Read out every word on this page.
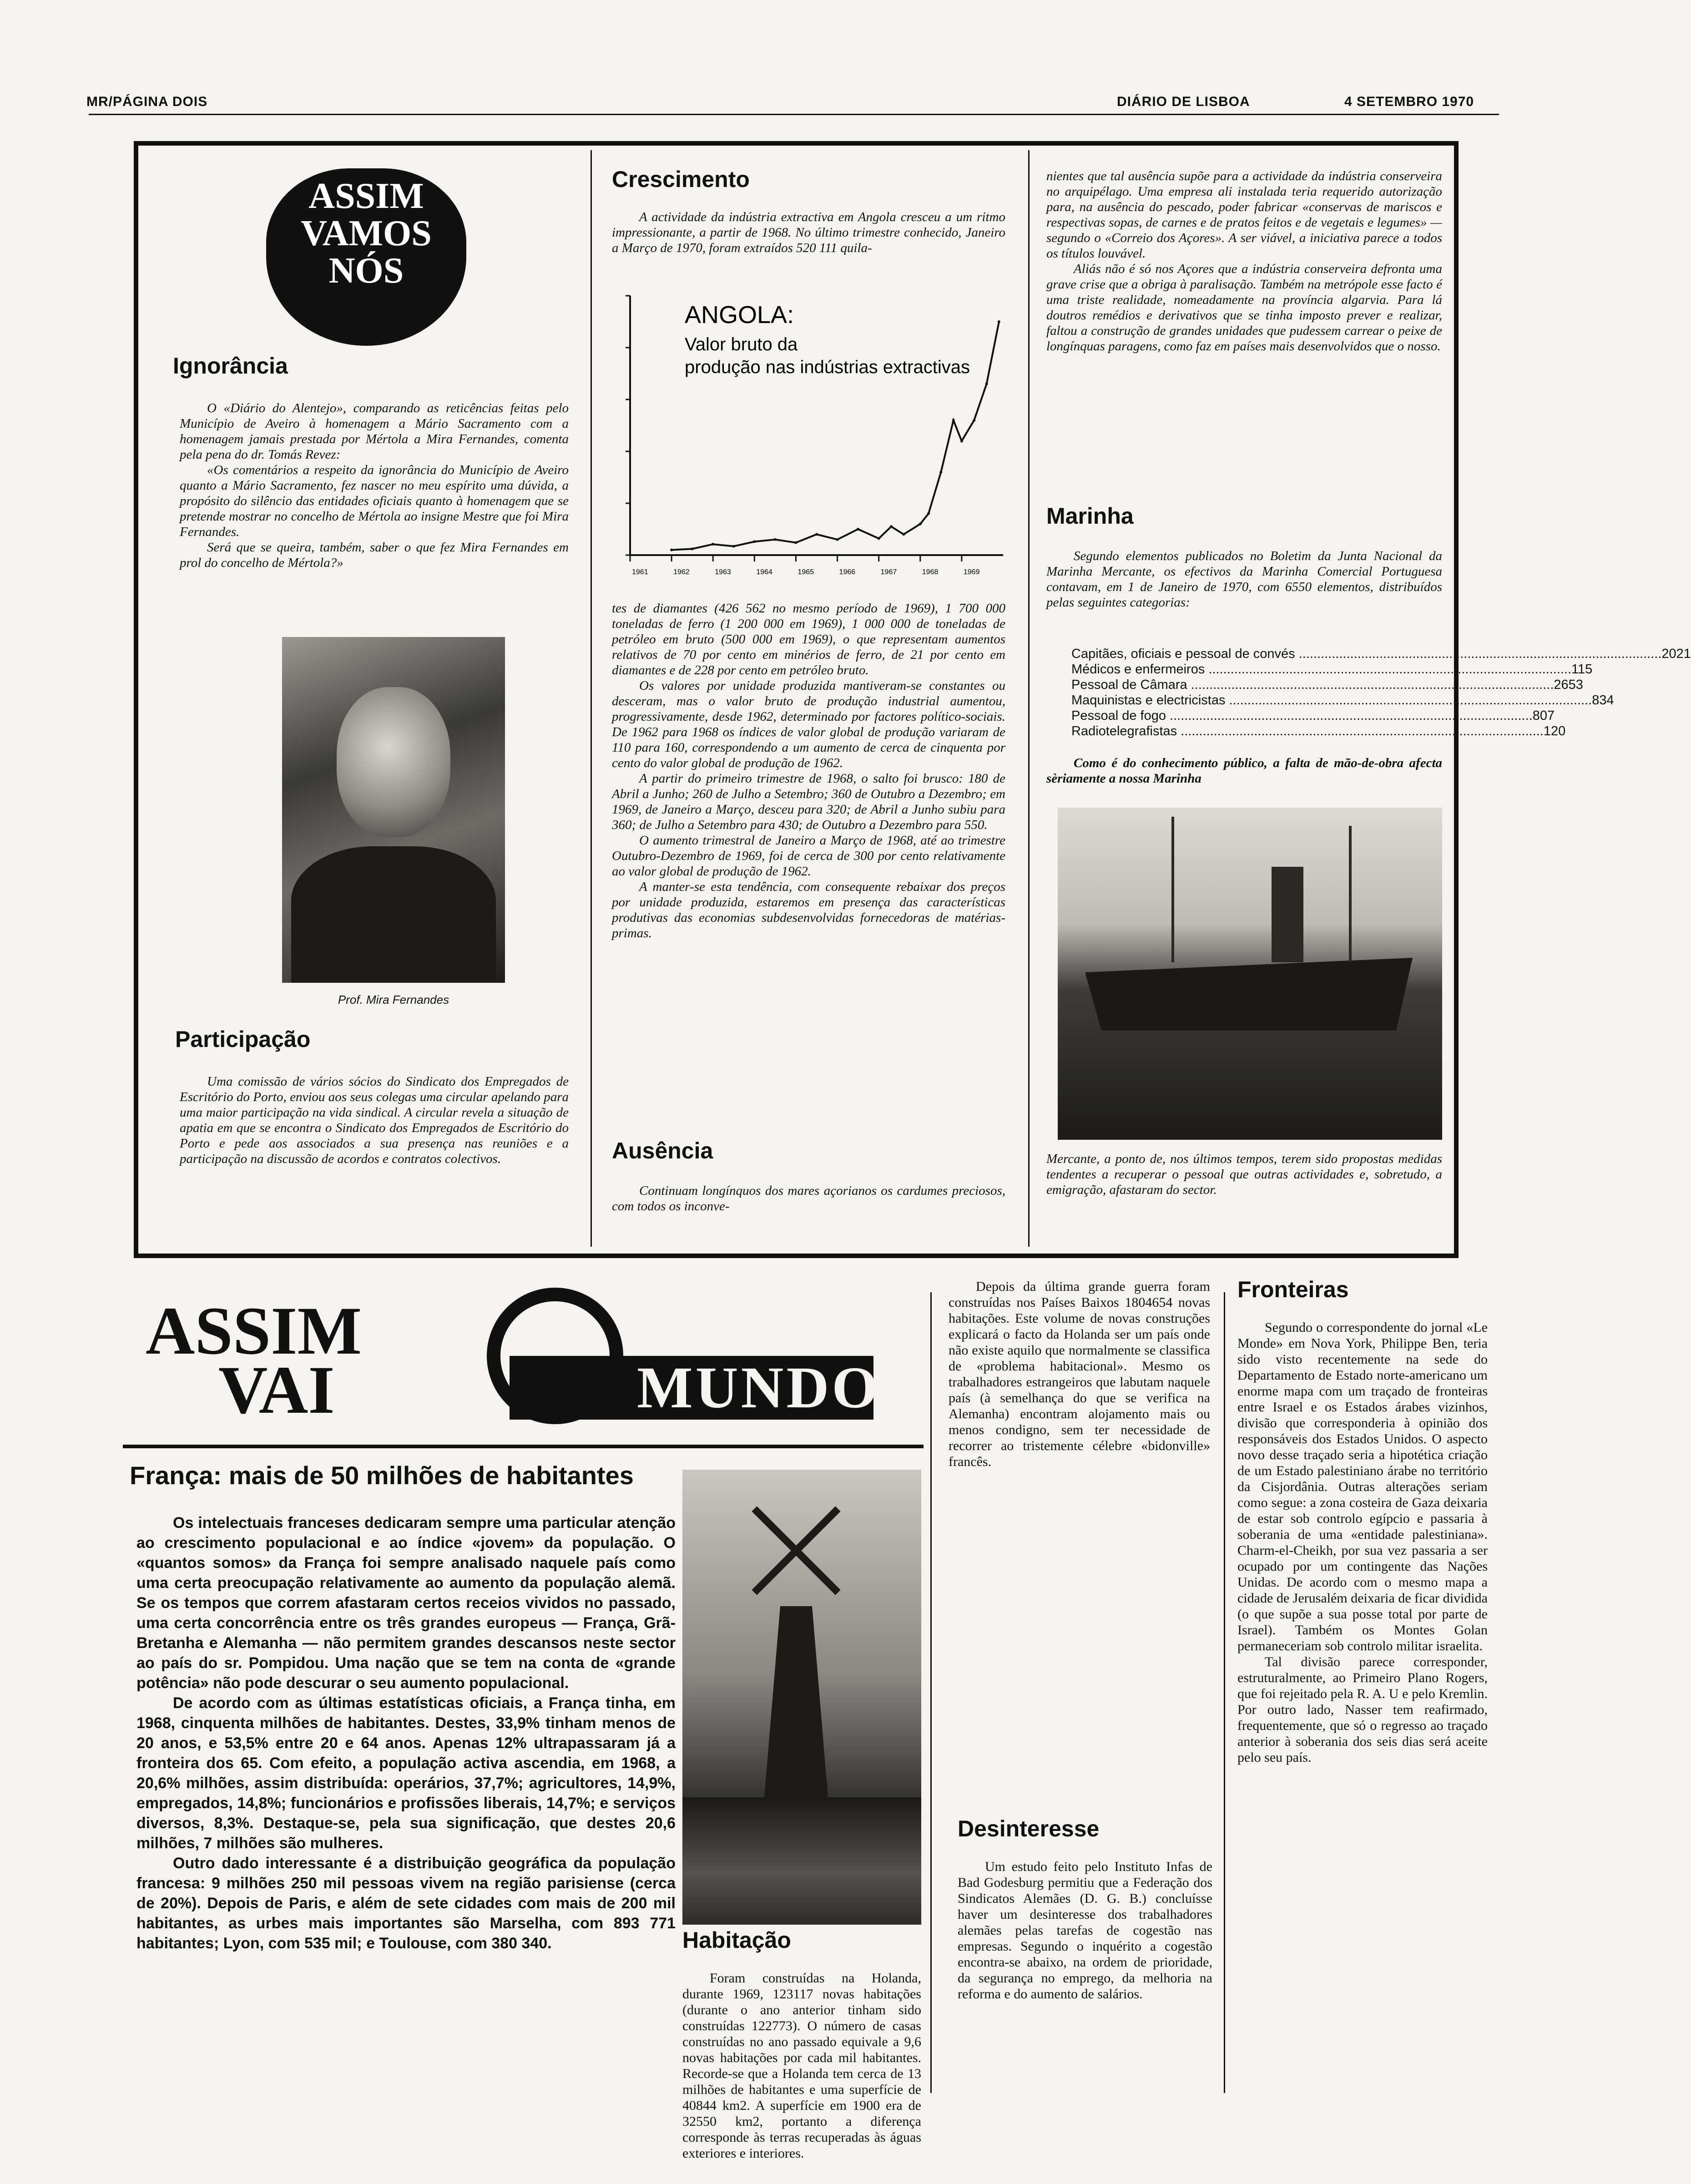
MR/PÁGINA DOIS	DIÁRIO DE LISBOA	4 SETEMBRO 1970
ASSIM
VAMOS
NÓS
Ignorância

O «Diário do Alentejo», comparando as reticências feitas pelo Município de Aveiro à homenagem a Mário Sacramento com a homenagem jamais prestada por Mértola a Mira Fernandes, comenta pela pena do dr. Tomás Revez:

«Os comentários a respeito da ignorância do Município de Aveiro quanto a Mário Sacramento, fez nascer no meu espírito uma dúvida, a propósito do silêncio das entidades oficiais quanto à homenagem que se pretende mostrar no concelho de Mértola ao insigne Mestre que foi Mira Fernandes.

Será que se queira, também, saber o que fez Mira Fernandes em prol do concelho de Mértola?»

Prof. Mira Fernandes
Participação

Uma comissão de vários sócios do Sindicato dos Empregados de Escritório do Porto, enviou aos seus colegas uma circular apelando para uma maior participação na vida sindical. A circular revela a situação de apatia em que se encontra o Sindicato dos Empregados de Escritório do Porto e pede aos associados a sua presença nas reuniões e a participação na discussão de acordos e contratos colectivos.

Crescimento

A actividade da indústria extractiva em Angola cresceu a um ritmo impressionante, a partir de 1968. No último trimestre conhecido, Janeiro a Março de 1970, foram extraídos 520 111 quila-

ANGOLA:
Valor bruto da produção nas indústrias extractivas
1961	1962	1963	1964	1965	1966	1967	1968	1969

tes de diamantes (426 562 no mesmo período de 1969), 1 700 000 toneladas de ferro (1 200 000 em 1969), 1 000 000 de toneladas de petróleo em bruto (500 000 em 1969), o que representam aumentos relativos de 70 por cento em minérios de ferro, de 21 por cento em diamantes e de 228 por cento em petróleo bruto.

Os valores por unidade produzida mantiveram-se constantes ou desceram, mas o valor bruto de produção industrial aumentou, progressivamente, desde 1962, determinado por factores político-sociais. De 1962 para 1968 os índices de valor global de produção variaram de 110 para 160, correspondendo a um aumento de cerca de cinquenta por cento do valor global de produção de 1962.

A partir do primeiro trimestre de 1968, o salto foi brusco: 180 de Abril a Junho; 260 de Julho a Setembro; 360 de Outubro a Dezembro; em 1969, de Janeiro a Março, desceu para 320; de Abril a Junho subiu para 360; de Julho a Setembro para 430; de Outubro a Dezembro para 550.

O aumento trimestral de Janeiro a Março de 1968, até ao trimestre Outubro-Dezembro de 1969, foi de cerca de 300 por cento relativamente ao valor global de produção de 1962.

A manter-se esta tendência, com consequente rebaixar dos preços por unidade produzida, estaremos em presença das características produtivas das economias subdesenvolvidas fornecedoras de matérias-primas.

Ausência

Continuam longínquos dos mares açorianos os cardumes preciosos, com todos os inconve-

nientes que tal ausência supõe para a actividade da indústria conserveira no arquipélago. Uma empresa ali instalada teria requerido autorização para, na ausência do pescado, poder fabricar «conservas de mariscos e respectivas sopas, de carnes e de pratos feitos e de vegetais e legumes» — segundo o «Correio dos Açores». A ser viável, a iniciativa parece a todos os títulos louvável.

Aliás não é só nos Açores que a indústria conserveira defronta uma grave crise que a obriga à paralisação. Também na metrópole esse facto é uma triste realidade, nomeadamente na província algarvia. Para lá doutros remédios e derivativos que se tinha imposto prever e realizar, faltou a construção de grandes unidades que pudessem carrear o peixe de longínquas paragens, como faz em países mais desenvolvidos que o nosso.

Marinha

Segundo elementos publicados no Boletim da Junta Nacional da Marinha Mercante, os efectivos da Marinha Comercial Portuguesa contavam, em 1 de Janeiro de 1970, com 6550 elementos, distribuídos pelas seguintes categorias:

Capitães, oficiais e pessoal de convés .....	2021
Médicos e enfermeiros .....	115
Pessoal de Câmara .....	2653
Maquinistas e electricistas .....	834
Pessoal de fogo .....	807
Radiotelegrafistas .....	120

Como é do conhecimento público, a falta de mão-de-obra afecta sèriamente a nossa Marinha

Mercante, a ponto de, nos últimos tempos, terem sido propostas medidas tendentes a recuperar o pessoal que outras actividades e, sobretudo, a emigração, afastaram do sector.

ASSIM
VAI	MUNDO
França: mais de 50 milhões de habitantes

Os intelectuais franceses dedicaram sempre uma particular atenção ao crescimento populacional e ao índice «jovem» da população. O «quantos somos» da França foi sempre analisado naquele país como uma certa preocupação relativamente ao aumento da população alemã. Se os tempos que correm afastaram certos receios vividos no passado, uma certa concorrência entre os três grandes europeus — França, Grã-Bretanha e Alemanha — não permitem grandes descansos neste sector ao país do sr. Pompidou. Uma nação que se tem na conta de «grande potência» não pode descurar o seu aumento populacional.

De acordo com as últimas estatísticas oficiais, a França tinha, em 1968, cinquenta milhões de habitantes. Destes, 33,9% tinham menos de 20 anos, e 53,5% entre 20 e 64 anos. Apenas 12% ultrapassaram já a fronteira dos 65. Com efeito, a população activa ascendia, em 1968, a 20,6% milhões, assim distribuída: operários, 37,7%; agricultores, 14,9%, empregados, 14,8%; funcionários e profissões liberais, 14,7%; e serviços diversos, 8,3%. Destaque-se, pela sua significação, que destes 20,6 milhões, 7 milhões são mulheres.

Outro dado interessante é a distribuição geográfica da população francesa: 9 milhões 250 mil pessoas vivem na região parisiense (cerca de 20%). Depois de Paris, e além de sete cidades com mais de 200 mil habitantes, as urbes mais importantes são Marselha, com 893 771 habitantes; Lyon, com 535 mil; e Toulouse, com 380 340.	Habitação

Foram construídas na Holanda, durante 1969, 123117 novas habitações (durante o ano anterior tinham sido construídas 122773). O número de casas construídas no ano passado equivale a 9,6 novas habitações por cada mil habitantes. Recorde-se que a Holanda tem cerca de 13 milhões de habitantes e uma superfície de 40844 km2. A superfície em 1900 era de 32550 km2, portanto a diferença corresponde às terras recuperadas às águas exteriores e interiores.

Depois da última grande guerra foram construídas nos Países Baixos 1804654 novas habitações. Este volume de novas construções explicará o facto da Holanda ser um país onde não existe aquilo que normalmente se classifica de «problema habitacional». Mesmo os trabalhadores estrangeiros que labutam naquele país (à semelhança do que se verifica na Alemanha) encontram alojamento mais ou menos condigno, sem ter necessidade de recorrer ao tristemente célebre «bidonville» francês.

Desinteresse

Um estudo feito pelo Instituto Infas de Bad Godesburg permitiu que a Federação dos Sindicatos Alemães (D. G. B.) concluísse haver um desinteresse dos trabalhadores alemães pelas tarefas de cogestão nas empresas. Segundo o inquérito a cogestão encontra-se abaixo, na ordem de prioridade, da segurança no emprego, da melhoria na reforma e do aumento de salários.

Fronteiras

Segundo o correspondente do jornal «Le Monde» em Nova York, Philippe Ben, teria sido visto recentemente na sede do Departamento de Estado norte-americano um enorme mapa com um traçado de fronteiras entre Israel e os Estados árabes vizinhos, divisão que corresponderia à opinião dos responsáveis dos Estados Unidos. O aspecto novo desse traçado seria a hipotética criação de um Estado palestiniano árabe no território da Cisjordânia. Outras alterações seriam como segue: a zona costeira de Gaza deixaria de estar sob controlo egípcio e passaria à soberania de uma «entidade palestiniana». Charm-el-Cheikh, por sua vez passaria a ser ocupado por um contingente das Nações Unidas. De acordo com o mesmo mapa a cidade de Jerusalém deixaria de ficar dividida (o que supõe a sua posse total por parte de Israel). Também os Montes Golan permaneceriam sob controlo militar israelita.

Tal divisão parece corresponder, estruturalmente, ao Primeiro Plano Rogers, que foi rejeitado pela R. A. U e pelo Kremlin. Por outro lado, Nasser tem reafirmado, frequentemente, que só o regresso ao traçado anterior à soberania dos seis dias será aceite pelo seu país.
